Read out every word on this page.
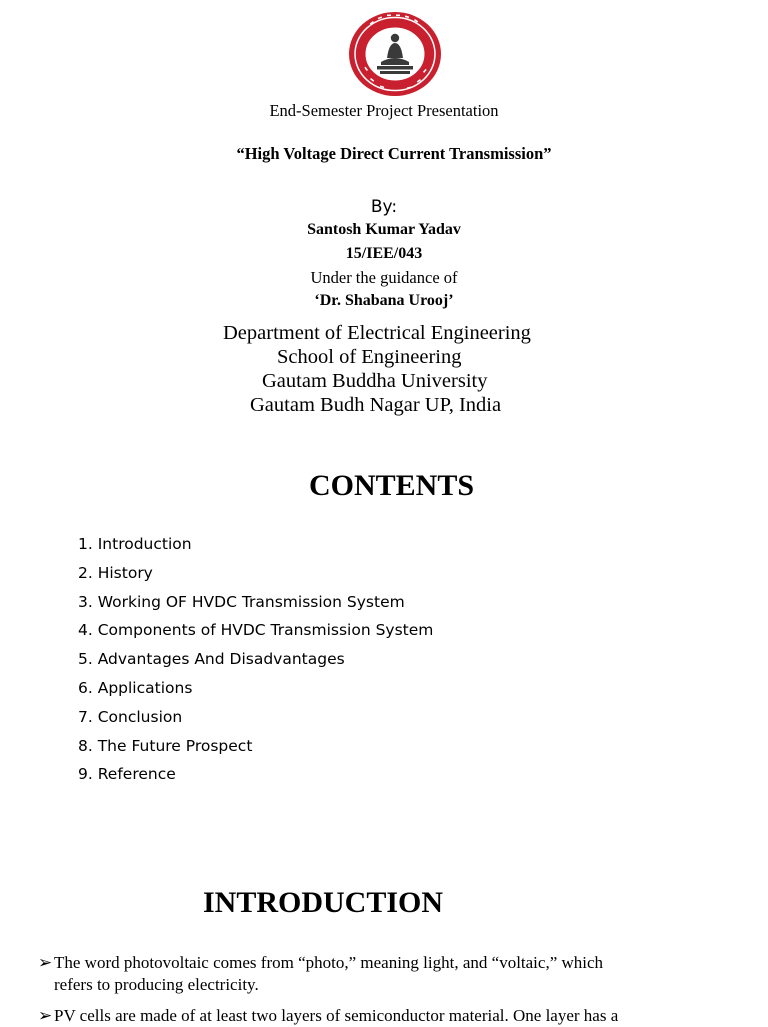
End-Semester Project Presentation
“High Voltage Direct Current Transmission”
By:
Santosh Kumar Yadav
15/IEE/043
Under the guidance of
‘Dr. Shabana Urooj’
Department of Electrical Engineering
School of Engineering
Gautam Buddha University
Gautam Budh Nagar UP, India
CONTENTS
1. Introduction
2. History
3. Working OF HVDC Transmission System
4. Components of HVDC Transmission System
5. Advantages And Disadvantages
6. Applications
7. Conclusion
8. The Future Prospect
9. Reference
INTRODUCTION
➢ The word photovoltaic comes from “photo,” meaning light, and “voltaic,” which
refers to producing electricity.
➢ PV cells are made of at least two layers of semiconductor material. One layer has a
